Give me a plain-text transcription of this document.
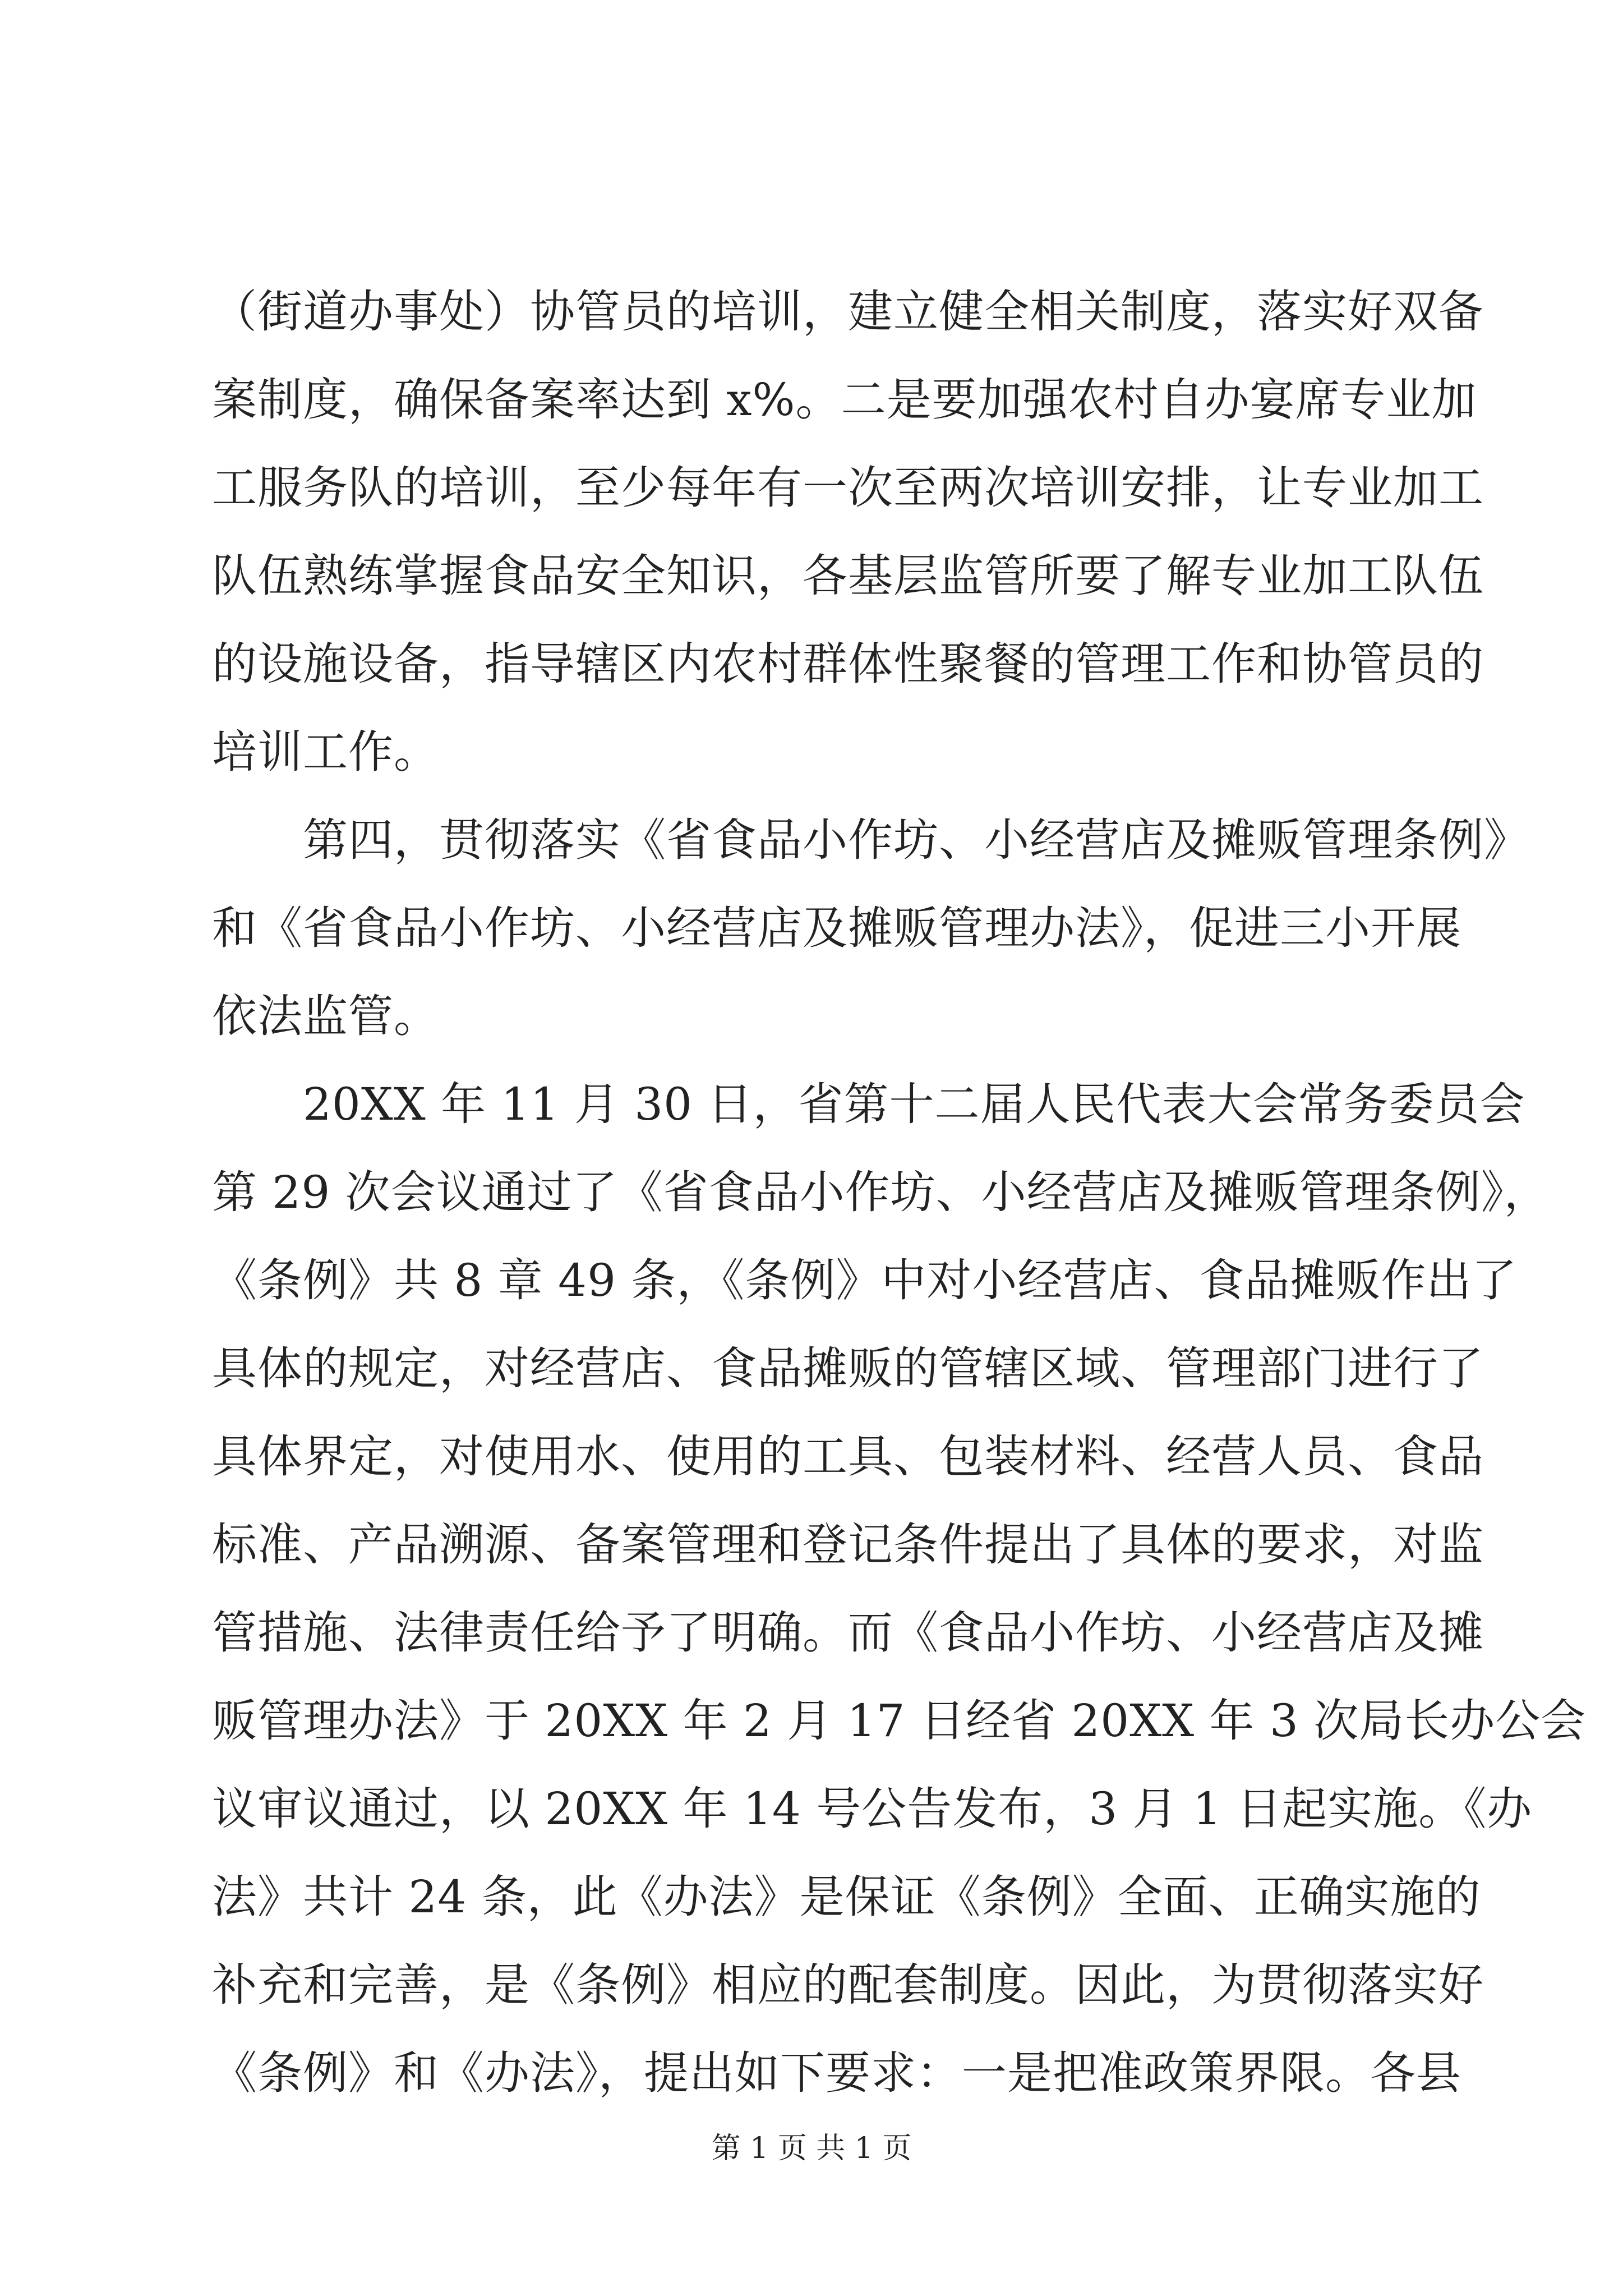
（街道办事处）协管员的培训，建立健全相关制度，落实好双备
案制度，确保备案率达到 x%。二是要加强农村自办宴席专业加
工服务队的培训，至少每年有一次至两次培训安排，让专业加工
队伍熟练掌握食品安全知识，各基层监管所要了解专业加工队伍
的设施设备，指导辖区内农村群体性聚餐的管理工作和协管员的
培训工作。
　　第四，贯彻落实《省食品小作坊、小经营店及摊贩管理条例》
和《省食品小作坊、小经营店及摊贩管理办法》，促进三小开展
依法监管。
　　20XX 年 11 月 30 日，省第十二届人民代表大会常务委员会
第 29 次会议通过了《省食品小作坊、小经营店及摊贩管理条例》，
《条例》共 8 章 49 条，《条例》中对小经营店、食品摊贩作出了
具体的规定，对经营店、食品摊贩的管辖区域、管理部门进行了
具体界定，对使用水、使用的工具、包装材料、经营人员、食品
标准、产品溯源、备案管理和登记条件提出了具体的要求，对监
管措施、法律责任给予了明确。而《食品小作坊、小经营店及摊
贩管理办法》于 20XX 年 2 月 17 日经省 20XX 年 3 次局长办公会
议审议通过，以 20XX 年 14 号公告发布，3 月 1 日起实施。《办
法》共计 24 条，此《办法》是保证《条例》全面、正确实施的
补充和完善，是《条例》相应的配套制度。因此，为贯彻落实好
《条例》和《办法》，提出如下要求：一是把准政策界限。各县
第 1 页 共 1 页
